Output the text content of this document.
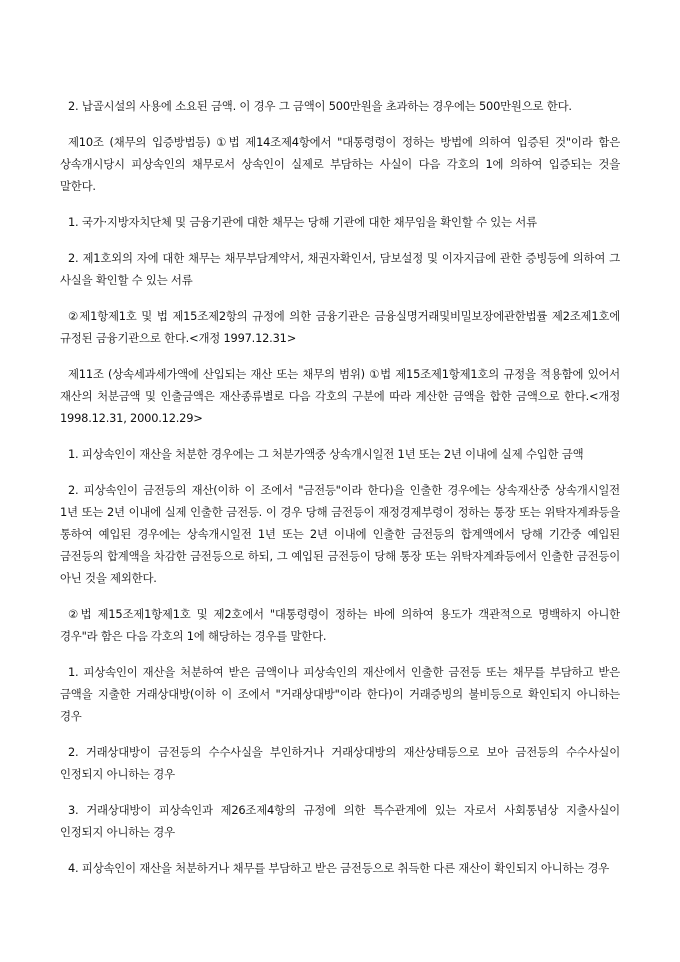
2. 납골시설의 사용에 소요된 금액. 이 경우 그 금액이 500만원을 초과하는 경우에는 500만원으로 한다.

제10조 (채무의 입증방법등) ①법 제14조제4항에서 "대통령령이 정하는 방법에 의하여 입증된 것"이라 함은 상속개시당시 피상속인의 채무로서 상속인이 실제로 부담하는 사실이 다음 각호의 1에 의하여 입증되는 것을 말한다.

1. 국가·지방자치단체 및 금융기관에 대한 채무는 당해 기관에 대한 채무임을 확인할 수 있는 서류

2. 제1호외의 자에 대한 채무는 채무부담계약서, 채권자확인서, 담보설정 및 이자지급에 관한 증빙등에 의하여 그 사실을 확인할 수 있는 서류

②제1항제1호 및 법 제15조제2항의 규정에 의한 금융기관은 금융실명거래및비밀보장에관한법률 제2조제1호에 규정된 금융기관으로 한다.<개정 1997.12.31>

제11조 (상속세과세가액에 산입되는 재산 또는 채무의 범위) ①법 제15조제1항제1호의 규정을 적용함에 있어서 재산의 처분금액 및 인출금액은 재산종류별로 다음 각호의 구분에 따라 계산한 금액을 합한 금액으로 한다.<개정 1998.12.31, 2000.12.29>

1. 피상속인이 재산을 처분한 경우에는 그 처분가액중 상속개시일전 1년 또는 2년 이내에 실제 수입한 금액

2. 피상속인이 금전등의 재산(이하 이 조에서 "금전등"이라 한다)을 인출한 경우에는 상속재산중 상속개시일전 1년 또는 2년 이내에 실제 인출한 금전등. 이 경우 당해 금전등이 재정경제부령이 정하는 통장 또는 위탁자계좌등을 통하여 예입된 경우에는 상속개시일전 1년 또는 2년 이내에 인출한 금전등의 합계액에서 당해 기간중 예입된 금전등의 합계액을 차감한 금전등으로 하되, 그 예입된 금전등이 당해 통장 또는 위탁자계좌등에서 인출한 금전등이 아닌 것을 제외한다.

②법 제15조제1항제1호 및 제2호에서 "대통령령이 정하는 바에 의하여 용도가 객관적으로 명백하지 아니한 경우"라 함은 다음 각호의 1에 해당하는 경우를 말한다.

1. 피상속인이 재산을 처분하여 받은 금액이나 피상속인의 재산에서 인출한 금전등 또는 채무를 부담하고 받은 금액을 지출한 거래상대방(이하 이 조에서 "거래상대방"이라 한다)이 거래증빙의 불비등으로 확인되지 아니하는 경우

2. 거래상대방이 금전등의 수수사실을 부인하거나 거래상대방의 재산상태등으로 보아 금전등의 수수사실이 인정되지 아니하는 경우

3. 거래상대방이 피상속인과 제26조제4항의 규정에 의한 특수관계에 있는 자로서 사회통념상 지출사실이 인정되지 아니하는 경우

4. 피상속인이 재산을 처분하거나 채무를 부담하고 받은 금전등으로 취득한 다른 재산이 확인되지 아니하는 경우
